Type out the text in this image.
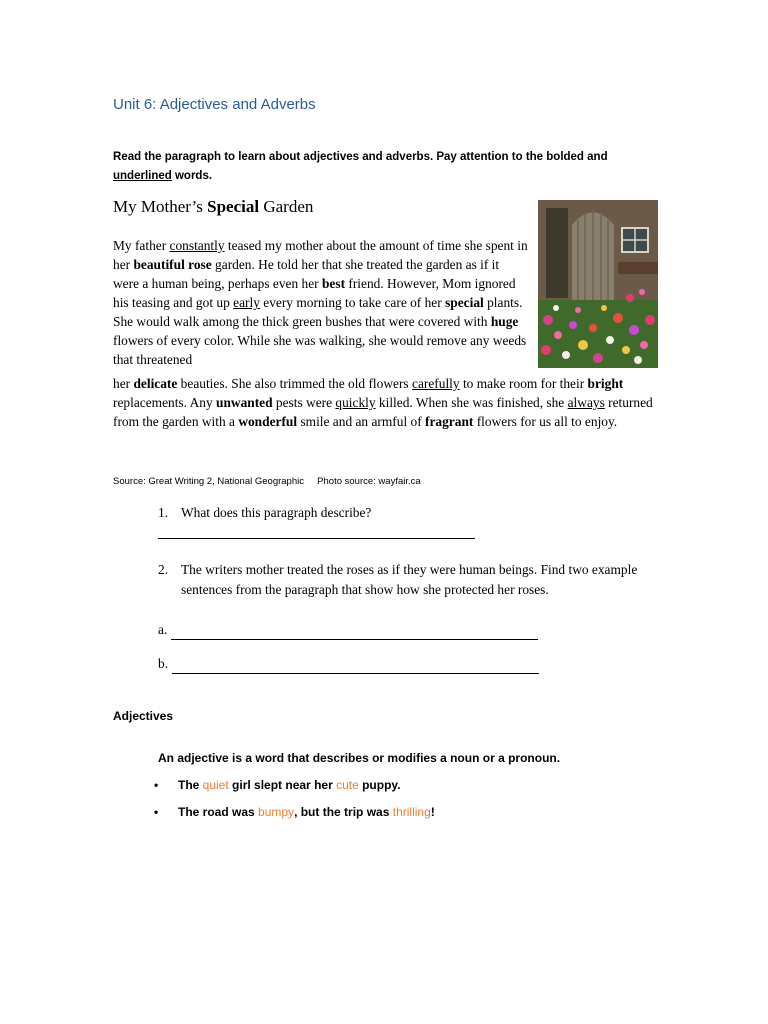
Unit 6: Adjectives and Adverbs
Read the paragraph to learn about adjectives and adverbs. Pay attention to the bolded and
underlined words.
My Mother’s Special Garden
My father constantly teased my mother about the amount of time she spent in her beautiful rose garden. He told her that she treated the garden as if it were a human being, perhaps even her best friend. However, Mom ignored his teasing and got up early every morning to take care of her special plants. She would walk among the thick green bushes that were covered with huge flowers of every color. While she was walking, she would remove any weeds that threatened
her delicate beauties. She also trimmed the old flowers carefully to make room for their bright replacements. Any unwanted pests were quickly killed. When she was finished, she always returned from the garden with a wonderful smile and an armful of fragrant flowers for us all to enjoy.
Source: Great Writing 2, National Geographic     Photo source: wayfair.ca
1. What does this paragraph describe?
2. The writers mother treated the roses as if they were human beings. Find two example sentences from the paragraph that show how she protected her roses.
a.
b.
Adjectives
An adjective is a word that describes or modifies a noun or a pronoun.
• The quiet girl slept near her cute puppy.
• The road was bumpy, but the trip was thrilling!
